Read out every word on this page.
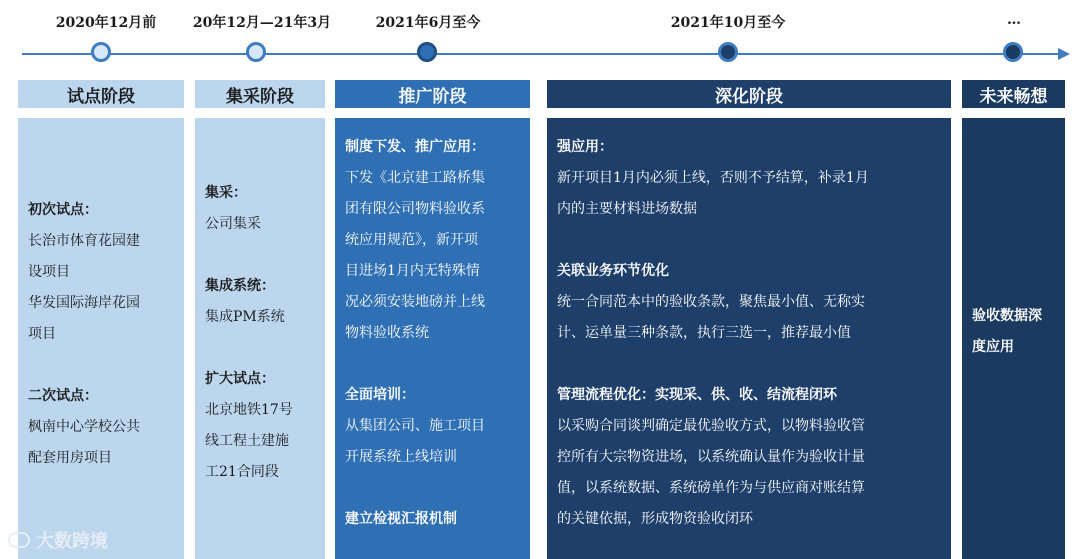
2020年12月前	20年12月—21年3月	2021年6月至今	2021年10月至今	…
试点阶段	集采阶段	推广阶段	深化阶段	未来畅想

初次试点：

长治市体育花园建

设项目

华发国际海岸花园

项目

二次试点：

枫南中心学校公共

配套用房项目

集采：

公司集采

集成系统：

集成PM系统

扩大试点：

北京地铁17号

线工程土建施

工21合同段

制度下发、推广应用：

下发《北京建工路桥集

团有限公司物料验收系

统应用规范》，新开项

目进场1月内无特殊情

况必须安装地磅并上线

物料验收系统

全面培训：

从集团公司、施工项目

开展系统上线培训

建立检视汇报机制

强应用：

新开项目1月内必须上线，否则不予结算，补录1月

内的主要材料进场数据

关联业务环节优化

统一合同范本中的验收条款，聚焦最小值、无称实

计、运单量三种条款，执行三选一，推荐最小值

管理流程优化：实现采、供、收、结流程闭环

以采购合同谈判确定最优验收方式，以物料验收管

控所有大宗物资进场，以系统确认量作为验收计量

值，以系统数据、系统磅单作为与供应商对账结算

的关键依据，形成物资验收闭环

验收数据深

度应用

大数跨境
